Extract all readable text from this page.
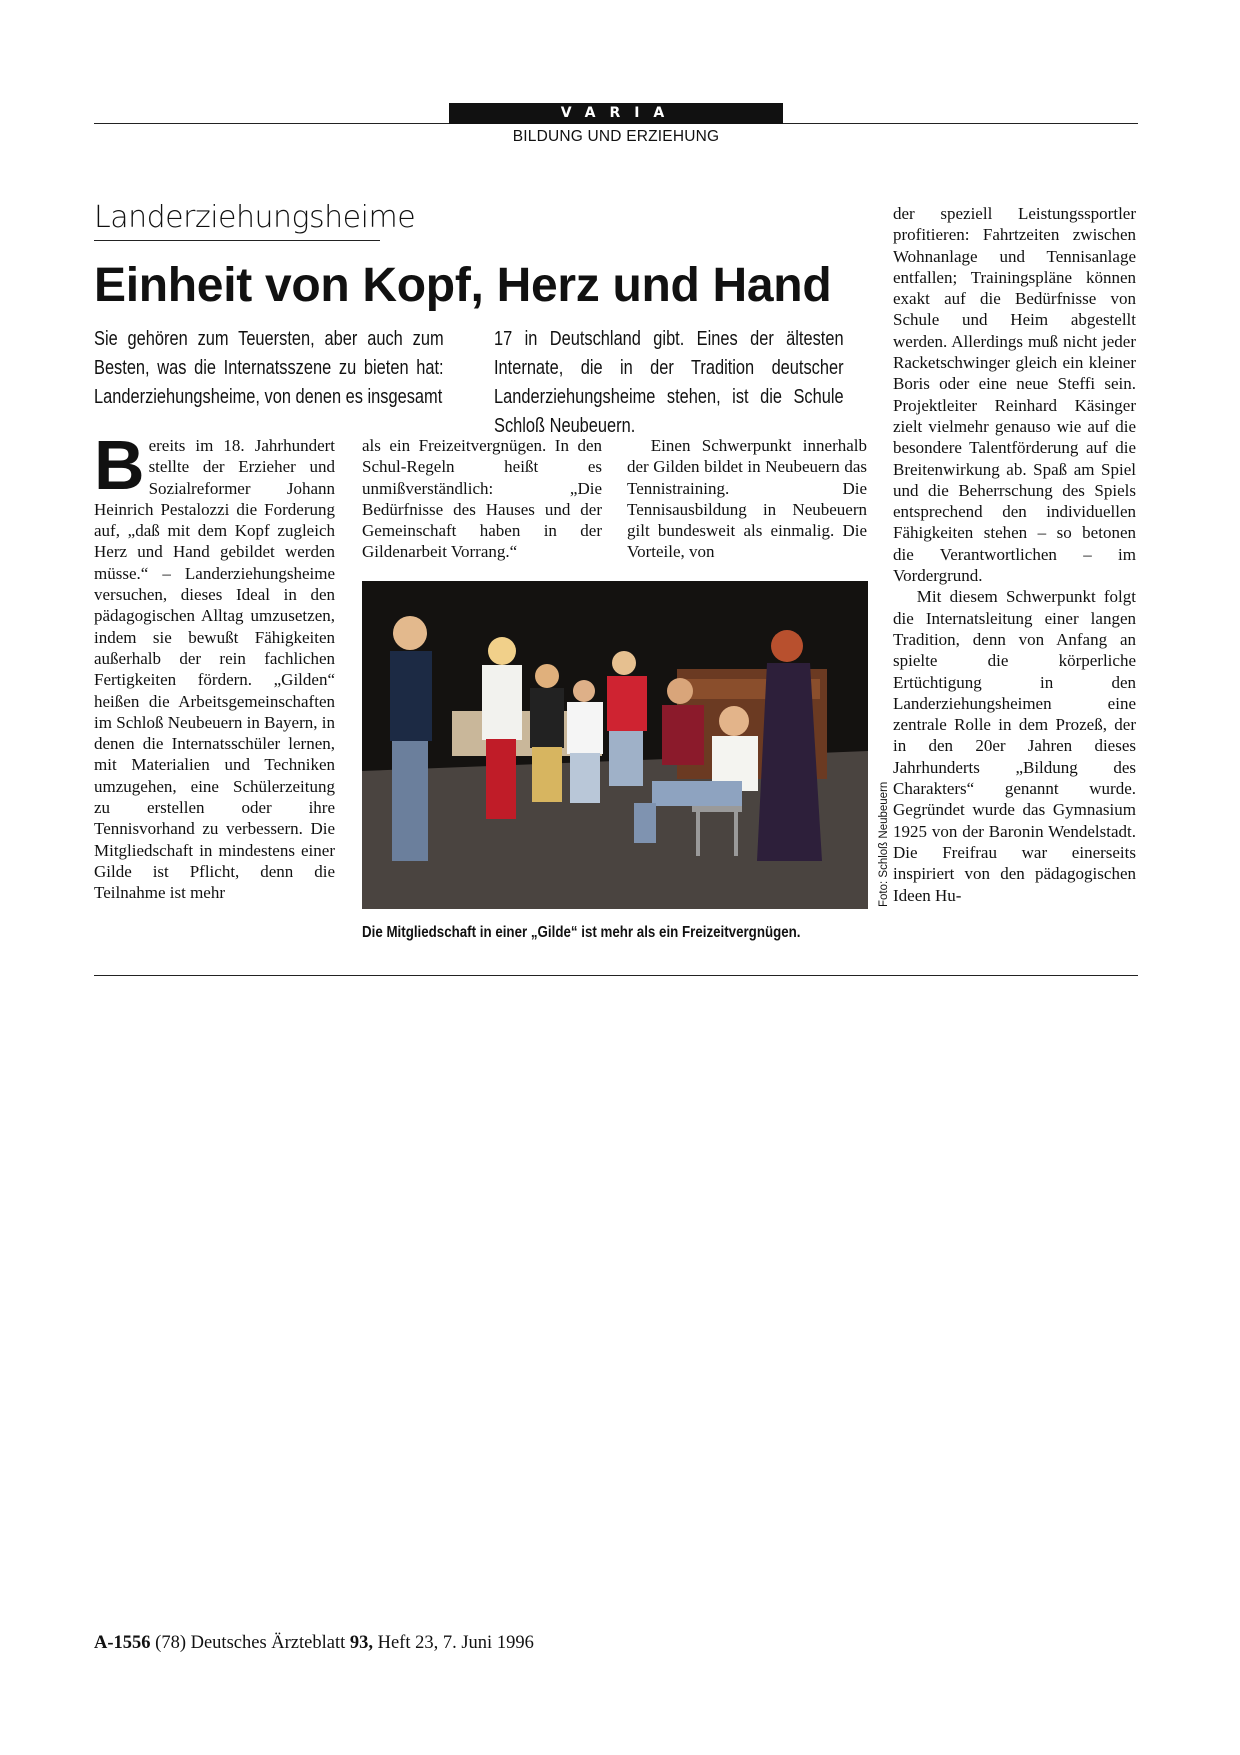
VARIA
BILDUNG UND ERZIEHUNG
Landerziehungsheime
Einheit von Kopf, Herz und Hand
Sie gehören zum Teuersten, aber auch zum Besten, was die Internatsszene zu bieten hat: Landerziehungsheime, von denen es insgesamt
17 in Deutschland gibt. Eines der ältesten Internate, die in der Tradition deutscher Landerziehungsheime stehen, ist die Schule Schloß Neubeuern.

Bereits im 18. Jahrhundert stellte der Erzieher und Sozialreformer Johann Heinrich Pestalozzi die Forderung auf, „daß mit dem Kopf zugleich Herz und Hand gebildet werden müsse.“ – Landerziehungsheime versuchen, dieses Ideal in den pädagogischen Alltag umzusetzen, indem sie bewußt Fähigkeiten außerhalb der rein fachlichen Fertigkeiten fördern. „Gilden“ heißen die Arbeitsgemeinschaften im Schloß Neubeuern in Bayern, in denen die Internatsschüler lernen, mit Materialien und Techniken umzugehen, eine Schülerzeitung zu erstellen oder ihre Tennisvorhand zu verbessern. Die Mitgliedschaft in mindestens einer Gilde ist Pflicht, denn die Teilnahme ist mehr

als ein Freizeitvergnügen. In den Schul-Regeln heißt es unmißverständlich: „Die Bedürfnisse des Hauses und der Gemeinschaft haben in der Gildenarbeit Vorrang.“

Einen Schwerpunkt innerhalb der Gilden bildet in Neubeuern das Tennistraining. Die Tennisausbildung in Neubeuern gilt bundesweit als einmalig. Die Vorteile, von

der speziell Leistungssportler profitieren: Fahrtzeiten zwischen Wohnanlage und Tennisanlage entfallen; Trainingspläne können exakt auf die Bedürfnisse von Schule und Heim abgestellt werden. Allerdings muß nicht jeder Racketschwinger gleich ein kleiner Boris oder eine neue Steffi sein. Projektleiter Reinhard Käsinger zielt vielmehr genauso wie auf die besondere Talentförderung auf die Breitenwirkung ab. Spaß am Spiel und die Beherrschung des Spiels entsprechend den individuellen Fähigkeiten stehen – so betonen die Verantwortlichen – im Vordergrund.

Mit diesem Schwerpunkt folgt die Internatsleitung einer langen Tradition, denn von Anfang an spielte die körperliche Ertüchtigung in den Landerziehungsheimen eine zentrale Rolle in dem Prozeß, der in den 20er Jahren dieses Jahrhunderts „Bildung des Charakters“ genannt wurde. Gegründet wurde das Gymnasium 1925 von der Baronin Wendelstadt. Die Freifrau war einerseits inspiriert von den pädagogischen Ideen Hu-

Foto: Schloß Neubeuern
Die Mitgliedschaft in einer „Gilde“ ist mehr als ein Freizeitvergnügen.
A-1556 (78) Deutsches Ärzteblatt 93, Heft 23, 7. Juni 1996
